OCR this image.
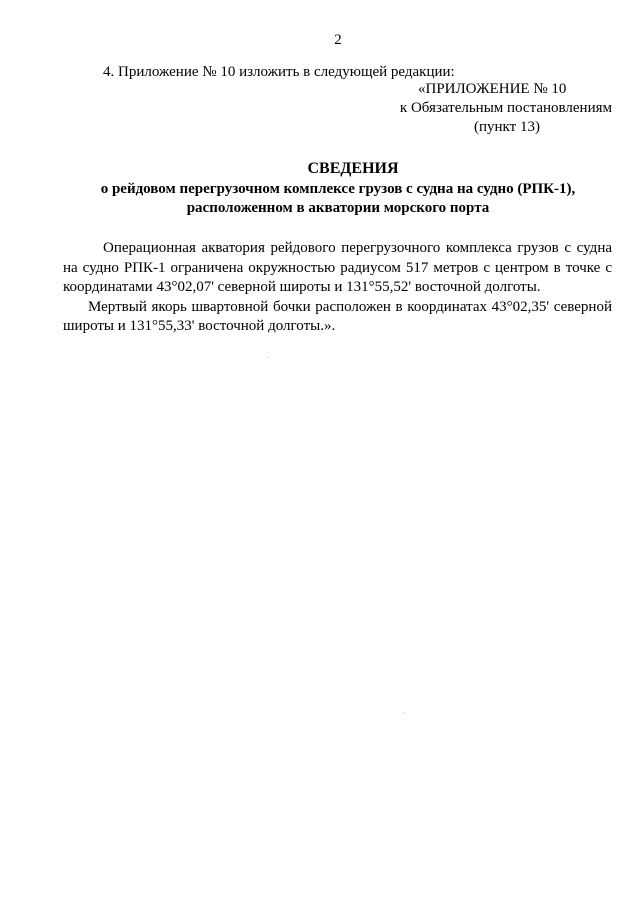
2
4. Приложение № 10 изложить в следующей редакции:
«ПРИЛОЖЕНИЕ № 10
к Обязательным постановлениям
(пункт 13)
СВЕДЕНИЯ
о рейдовом перегрузочном комплексе грузов с судна на судно (РПК-1),
расположенном в акватории морского порта

Операционная акватория рейдового перегрузочного комплекса грузов с судна на судно РПК-1 ограничена окружностью радиусом 517 метров с центром в точке с координатами 43°02,07' северной широты и 131°55,52' восточной долготы.

Мертвый якорь швартовной бочки расположен в координатах 43°02,35' северной широты и 131°55,33' восточной долготы.».
